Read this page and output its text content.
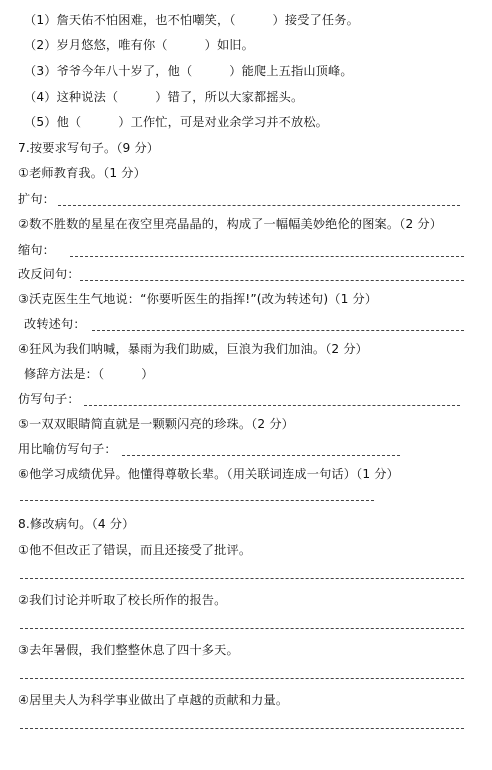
（1）詹天佑不怕困难，也不怕嘲笑，（　　　）接受了任务。
（2）岁月悠悠，唯有你（　　　）如旧。
（3）爷爷今年八十岁了，他（　　　）能爬上五指山顶峰。
（4）这种说法（　　　）错了，所以大家都摇头。
（5）他（　　　）工作忙，可是对业余学习并不放松。
7.按要求写句子。（9 分）
①老师教育我。（1 分）
扩句：
②数不胜数的星星在夜空里亮晶晶的，构成了一幅幅美妙绝伦的图案。（2 分）
缩句：
改反问句：
③沃克医生生气地说：“你要听医生的指挥!”(改为转述句)（1 分）
改转述句：
④狂风为我们呐喊，暴雨为我们助威，巨浪为我们加油。（2 分）
修辞方法是：（　　　）
仿写句子：
⑤一双双眼睛简直就是一颗颗闪亮的珍珠。（2 分）
用比喻仿写句子：
⑥他学习成绩优异。他懂得尊敬长辈。（用关联词连成一句话）（1 分）
8.修改病句。（4 分）
①他不但改正了错误，而且还接受了批评。
②我们讨论并听取了校长所作的报告。
③去年暑假，我们整整休息了四十多天。
④居里夫人为科学事业做出了卓越的贡献和力量。
